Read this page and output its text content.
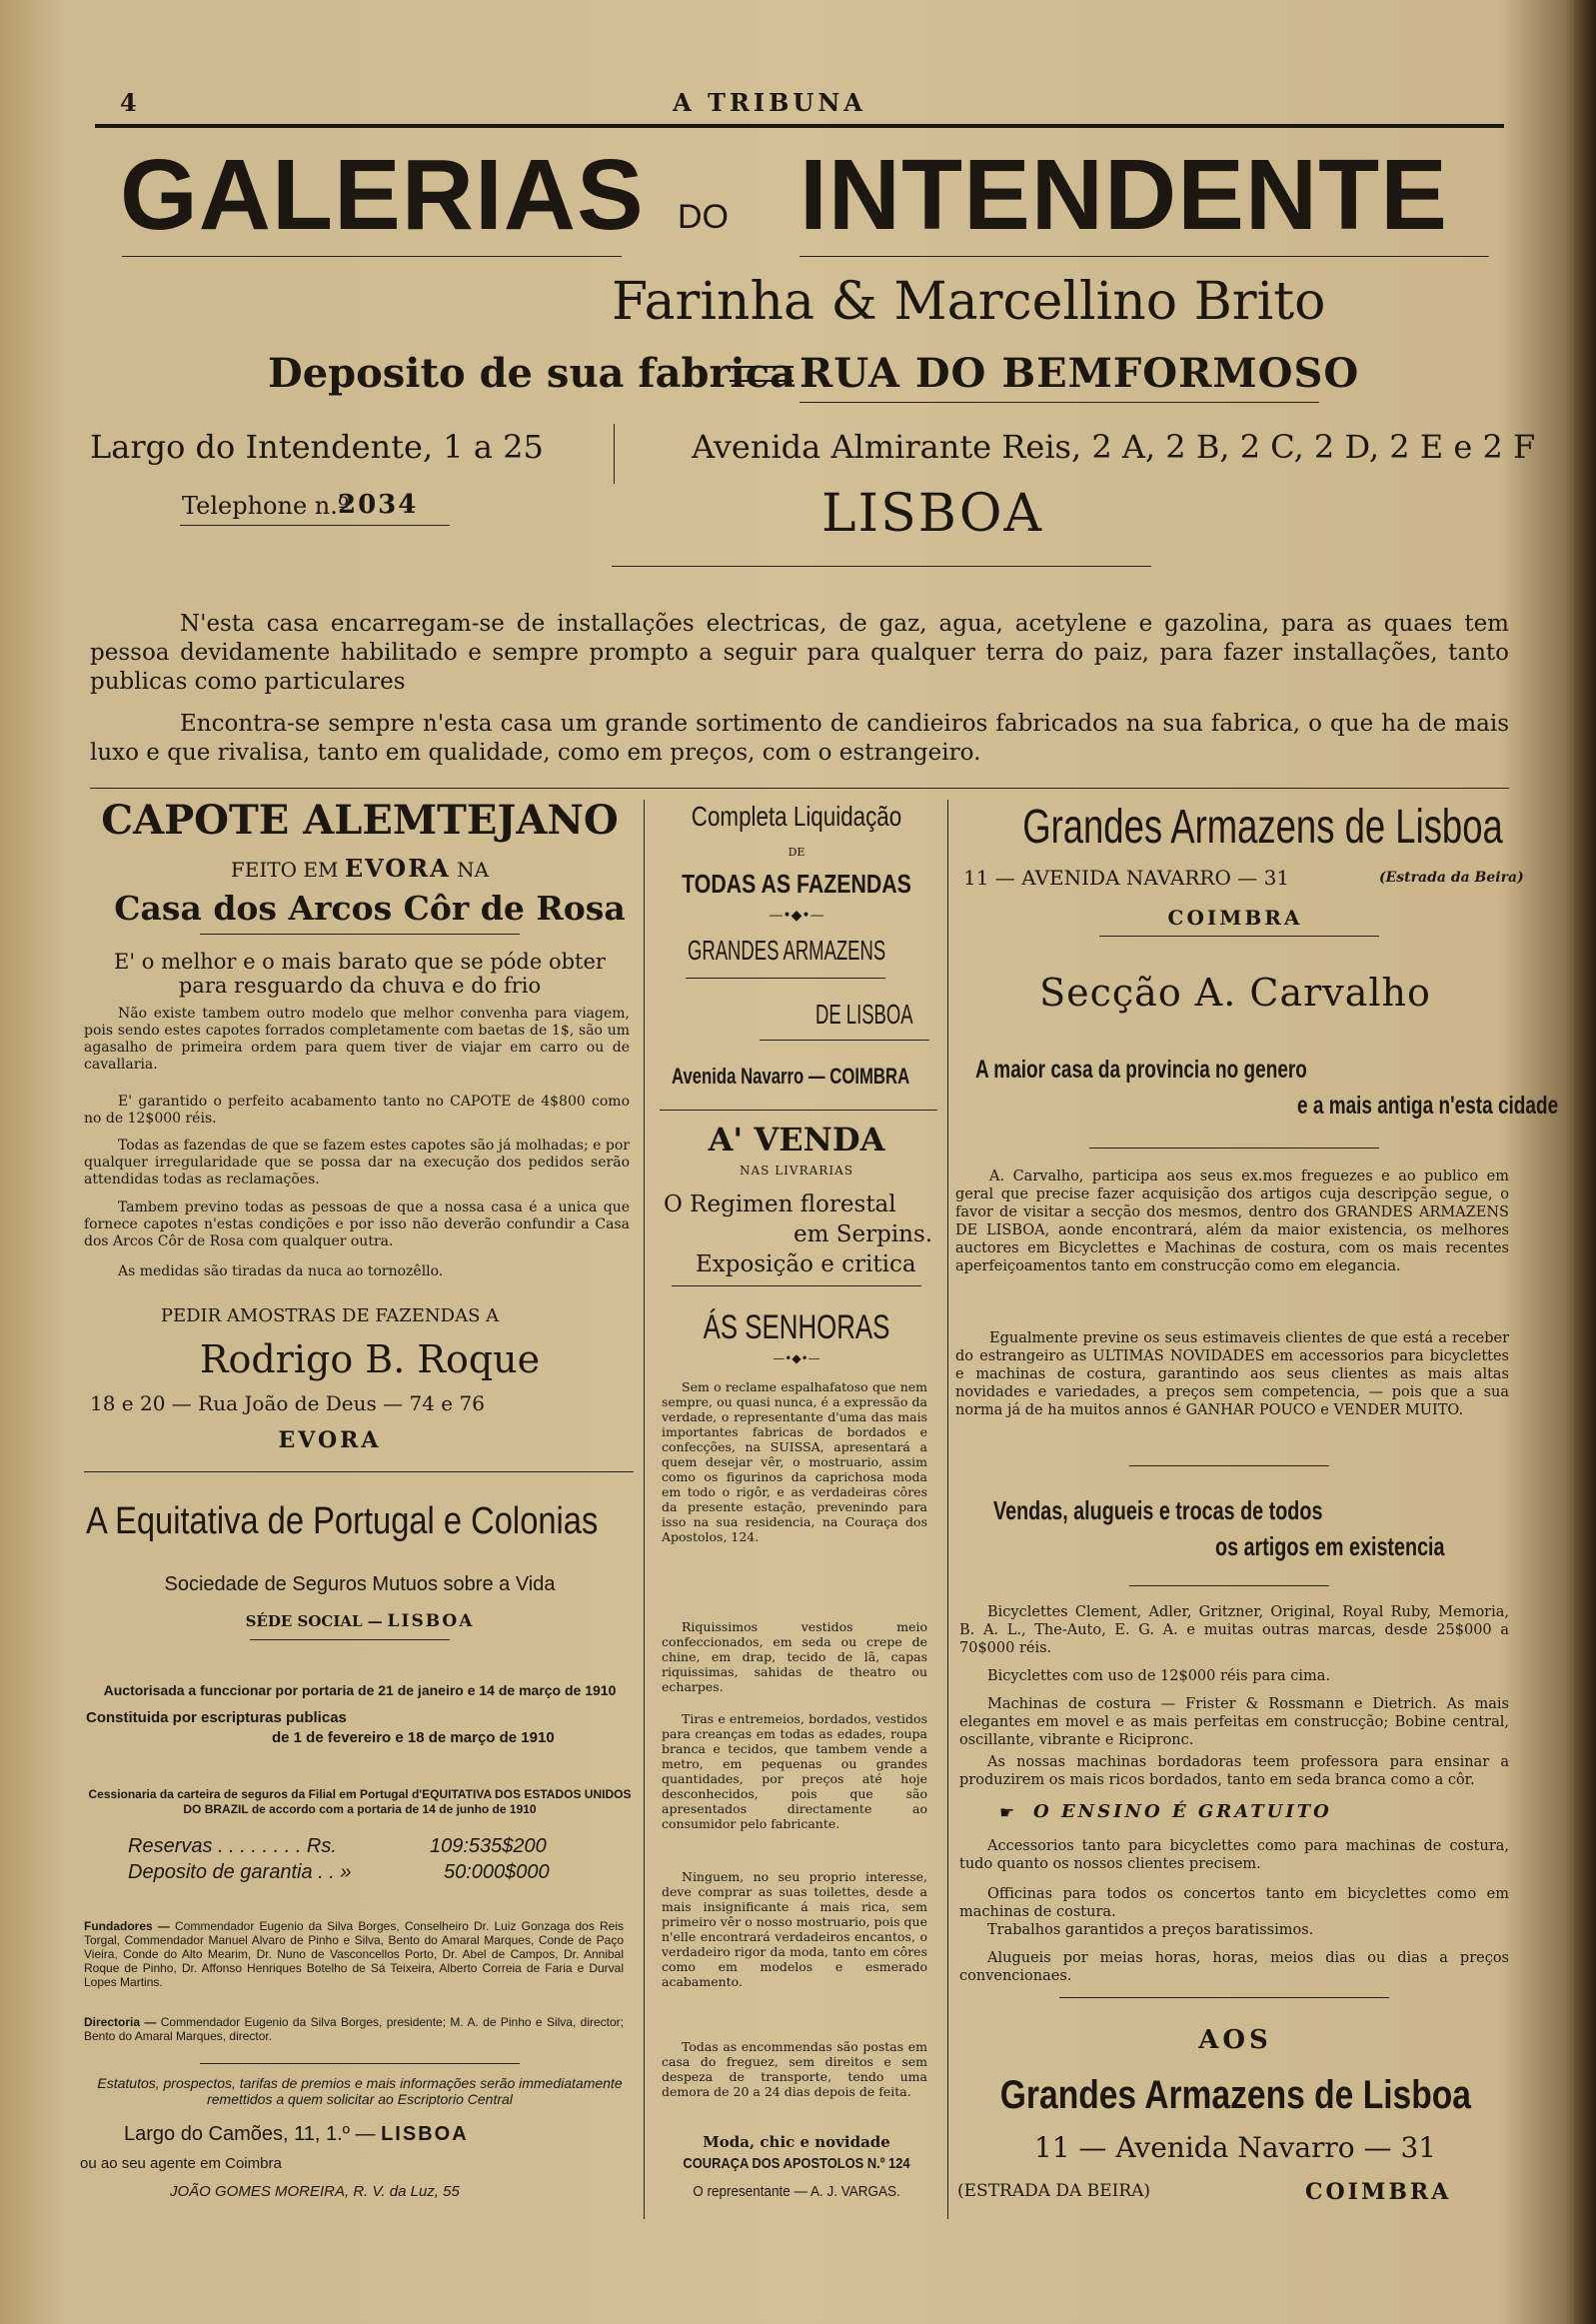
4	A TRIBUNA
GALERIAS DO INTENDENTE
Farinha & Marcellino Brito
Deposito de sua fabrica RUA DO BEMFORMOSO
Largo do Intendente, 1 a 25	Avenida Almirante Reis, 2 A, 2 B, 2 C, 2 D, 2 E e 2 F
Telephone n.º
2034	LISBOA
N'esta casa encarregam-se de installações electricas, de gaz, agua, acetylene e gazolina, para as quaes tem pessoa devidamente habilitado e sempre prompto a seguir para qualquer terra do paiz, para fazer installações, tanto publicas como particulares
Encontra-se sempre n'esta casa um grande sortimento de candieiros fabricados na sua fabrica, o que ha de mais luxo e que rivalisa, tanto em qualidade, como em preços, com o estrangeiro.
CAPOTE ALEMTEJANO
FEITO EM EVORA NA
Casa dos Arcos Côr de Rosa
E' o melhor e o mais barato que se póde obter para resguardo da chuva e do frio
Não existe tambem outro modelo que melhor convenha para viagem, pois sendo estes capotes forrados completamente com baetas de 1$, são um agasalho de primeira ordem para quem tiver de viajar em carro ou de cavallaria.
E' garantido o perfeito acabamento tanto no CAPOTE de 4$800 como no de 12$000 réis.
Todas as fazendas de que se fazem estes capotes são já molhadas; e por qualquer irregularidade que se possa dar na execução dos pedidos serão attendidas todas as reclamações.
Tambem previno todas as pessoas de que a nossa casa é a unica que fornece capotes n'estas condições e por isso não deverão confundir a Casa dos Arcos Côr de Rosa com qualquer outra.
As medidas são tiradas da nuca ao tornozêllo.
PEDIR AMOSTRAS DE FAZENDAS A
Rodrigo B. Roque
18 e 20 — Rua João de Deus — 74 e 76
EVORA
A Equitativa de Portugal e Colonias
Sociedade de Seguros Mutuos sobre a Vida
SÉDE SOCIAL — LISBOA
Auctorisada a funccionar por portaria de 21 de janeiro e 14 de março de 1910
Constituida por escripturas publicas
de 1 de fevereiro e 18 de março de 1910
Cessionaria da carteira de seguros da Filial em Portugal d'EQUITATIVA DOS ESTADOS UNIDOS DO BRAZIL de accordo com a portaria de 14 de junho de 1910
Reservas . . . . . . . . Rs.	109:535$200
Deposito de garantia . . »	50:000$000
Fundadores — Commendador Eugenio da Silva Borges, Conselheiro Dr. Luiz Gonzaga dos Reis Torgal, Commendador Manuel Alvaro de Pinho e Silva, Bento do Amaral Marques, Conde de Paço Vieira, Conde do Alto Mearim, Dr. Nuno de Vasconcellos Porto, Dr. Abel de Campos, Dr. Annibal Roque de Pinho, Dr. Affonso Henriques Botelho de Sá Teixeira, Alberto Correia de Faria e Durval Lopes Martins.
Directoria — Commendador Eugenio da Silva Borges, presidente; M. A. de Pinho e Silva, director; Bento do Amaral Marques, director.
Estatutos, prospectos, tarifas de premios e mais informações serão immediatamente remettidos a quem solicitar ao Escriptorio Central
Largo do Camões, 11, 1.º — LISBOA
ou ao seu agente em Coimbra
JOÃO GOMES MOREIRA, R. V. da Luz, 55
Completa Liquidação
DE
TODAS AS FAZENDAS
—•◆•—
GRANDES ARMAZENS
DE LISBOA
Avenida Navarro — COIMBRA
A' VENDA
NAS LIVRARIAS
O Regimen florestal
em Serpins.
Exposição e critica
ÁS SENHORAS
—•◆•—
Sem o reclame espalhafatoso que nem sempre, ou quasi nunca, é a expressão da verdade, o representante d'uma das mais importantes fabricas de bordados e confecções, na SUISSA, apresentará a quem desejar vêr, o mostruario, assim como os figurinos da caprichosa moda em todo o rigôr, e as verdadeiras côres da presente estação, prevenindo para isso na sua residencia, na Couraça dos Apostolos, 124.
Riquissimos vestidos meio confeccionados, em seda ou crepe de chine, em drap, tecido de lã, capas riquissimas, sahidas de theatro ou echarpes.
Tiras e entremeios, bordados, vestidos para creanças em todas as edades, roupa branca e tecidos, que tambem vende a metro, em pequenas ou grandes quantidades, por preços até hoje desconhecidos, pois que são apresentados directamente ao consumidor pelo fabricante.
Ninguem, no seu proprio interesse, deve comprar as suas toilettes, desde a mais insignificante á mais rica, sem primeiro vêr o nosso mostruario, pois que n'elle encontrará verdadeiros encantos, o verdadeiro rigor da moda, tanto em côres como em modelos e esmerado acabamento.
Todas as encommendas são postas em casa do freguez, sem direitos e sem despeza de transporte, tendo uma demora de 20 a 24 dias depois de feita.
Moda, chic e novidade
COURAÇA DOS APOSTOLOS N.º 124
O representante — A. J. VARGAS.
Grandes Armazens de Lisboa
11 — AVENIDA NAVARRO — 31	(Estrada da Beira)
COIMBRA
Secção A. Carvalho
A maior casa da provincia no genero
e a mais antiga n'esta cidade
A. Carvalho, participa aos seus ex.mos freguezes e ao publico em geral que precise fazer acquisição dos artigos cuja descripção segue, o favor de visitar a secção dos mesmos, dentro dos GRANDES ARMAZENS DE LISBOA, aonde encontrará, além da maior existencia, os melhores auctores em Bicyclettes e Machinas de costura, com os mais recentes aperfeiçoamentos tanto em construcção como em elegancia.
Egualmente previne os seus estimaveis clientes de que está a receber do estrangeiro as ULTIMAS NOVIDADES em accessorios para bicyclettes e machinas de costura, garantindo aos seus clientes as mais altas novidades e variedades, a preços sem competencia, — pois que a sua norma já de ha muitos annos é GANHAR POUCO e VENDER MUITO.
Vendas, alugueis e trocas de todos
os artigos em existencia
Bicyclettes Clement, Adler, Gritzner, Original, Royal Ruby, Memoria, B. A. L., The-Auto, E. G. A. e muitas outras marcas, desde 25$000 a 70$000 réis.
Bicyclettes com uso de 12$000 réis para cima.
Machinas de costura — Frister & Rossmann e Dietrich. As mais elegantes em movel e as mais perfeitas em construcção; Bobine central, oscillante, vibrante e Ricipronc.
As nossas machinas bordadoras teem professora para ensinar a produzirem os mais ricos bordados, tanto em seda branca como a côr.
☛ O ENSINO É GRATUITO
Accessorios tanto para bicyclettes como para machinas de costura, tudo quanto os nossos clientes precisem.
Officinas para todos os concertos tanto em bicyclettes como em machinas de costura.
Trabalhos garantidos a preços baratissimos.
Alugueis por meias horas, horas, meios dias ou dias a preços convencionaes.
AOS
Grandes Armazens de Lisboa
11 — Avenida Navarro — 31
(ESTRADA DA BEIRA)	COIMBRA
